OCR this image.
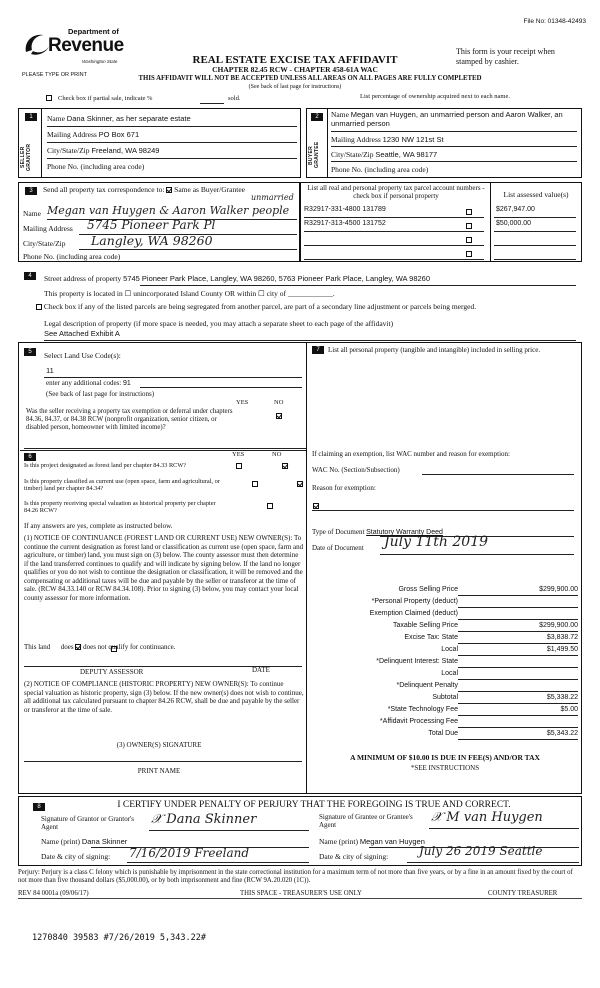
File No: 01348-42493
Department of
Revenue
Washington State
PLEASE TYPE OR PRINT
REAL ESTATE EXCISE TAX AFFIDAVIT
CHAPTER 82.45 RCW - CHAPTER 458-61A WAC
THIS AFFIDAVIT WILL NOT BE ACCEPTED UNLESS ALL AREAS ON ALL PAGES ARE FULLY COMPLETED
(See back of last page for instructions)
This form is your receipt when stamped by cashier.
Check box if partial sale, indicate %	sold.	List percentage of ownership acquired next to each name.
1
SELLER GRANTOR
Name Dana Skinner, as her separate estate
Mailing Address PO Box 671
City/State/Zip Freeland, WA 98249
Phone No. (including area code)
2
BUYER GRANTEE
Name Megan van Huygen, an unmarried person and Aaron Walker, an unmarried person
Mailing Address 1230 NW 121st St
City/State/Zip Seattle, WA 98177
Phone No. (including area code)
3	Send all property tax correspondence to: Same as Buyer/Grantee
unmarried
Name Megan van Huygen & Aaron Walker people
Mailing Address 5745 Pioneer Park Pl
City/State/Zip Langley, WA 98260
Phone No. (including area code)
List all real and personal property tax parcel account numbers - check box if personal property	List assessed value(s)
R32917-331-4800 131789	$267,947.00
R32917-313-4500 131752	$50,000.00
4	Street address of property 5745 Pioneer Park Place, Langley, WA 98260, 5763 Pioneer Park Place, Langley, WA 98260
This property is located in ☐ unincorporated Island County OR within ☐ city of ____________.
Check box if any of the listed parcels are being segregated from another parcel, are part of a secondary line adjustment or parcels being merged.
Legal description of property (if more space is needed, you may attach a separate sheet to each page of the affidavit)
See Attached Exhibit A
5	Select Land Use Code(s):
11
enter any additional codes: 91
(See back of last page for instructions)
YES	NO
Was the seller receiving a property tax exemption or deferral under chapters 84.36, 84.37, or 84.38 RCW (nonprofit organization, senior citizen, or disabled person, homeowner with limited income)?
6	YES	NO
Is this project designated as forest land per chapter 84.33 RCW?

Is this property classified as current use (open space, farm and agricultural, or timber) land per chapter 84.34?

Is this property receiving special valuation as historical property per chapter 84.26 RCW?

If any answers are yes, complete as instructed below.
(1) NOTICE OF CONTINUANCE (FOREST LAND OR CURRENT USE) NEW OWNER(S): To continue the current designation as forest land or classification as current use (open space, farm and agriculture, or timber) land, you must sign on (3) below. The county assessor must then determine if the land transferred continues to qualify and will indicate by signing below. If the land no longer qualifies or you do not wish to continue the designation or classification, it will be removed and the compensating or additional taxes will be due and payable by the seller or transferor at the time of sale. (RCW 84.33.140 or RCW 84.34.108). Prior to signing (3) below, you may contact your local county assessor for more information.
This land does does not qualify for continuance.
DEPUTY ASSESSOR	DATE
(2) NOTICE OF COMPLIANCE (HISTORIC PROPERTY) NEW OWNER(S): To continue special valuation as historic property, sign (3) below. If the new owner(s) does not wish to continue, all additional tax calculated pursuant to chapter 84.26 RCW, shall be due and payable by the seller or transferor at the time of sale.
(3) OWNER(S) SIGNATURE
PRINT NAME
7	List all personal property (tangible and intangible) included in selling price.
If claiming an exemption, list WAC number and reason for exemption:
WAC No. (Section/Subsection)
Reason for exemption:
Type of Document Statutory Warranty Deed
Date of Document July 11th 2019
Gross Selling Price	$299,900.00
*Personal Property (deduct)
Exemption Claimed (deduct)
Taxable Selling Price	$299,900.00
Excise Tax: State	$3,838.72
Local	$1,499.50
*Delinquent Interest: State
Local
*Delinquent Penalty
Subtotal	$5,338.22
*State Technology Fee	$5.00
*Affidavit Processing Fee
Total Due	$5,343.22
A MINIMUM OF $10.00 IS DUE IN FEE(S) AND/OR TAX
*SEE INSTRUCTIONS
8	I CERTIFY UNDER PENALTY OF PERJURY THAT THE FOREGOING IS TRUE AND CORRECT.
Signature of Grantor or Grantor's Agent
𝒳 Dana Skinner	Signature of Grantee or Grantee's Agent
𝒳 M van Huygen
Name (print) Dana Skinner	Name (print) Megan van Huygen
Date & city of signing: 7/16/2019 Freeland	Date & city of signing:	July 26 2019 Seattle
Perjury: Perjury is a class C felony which is punishable by imprisonment in the state correctional institution for a maximum term of not more than five years, or by a fine in an amount fixed by the court of not more than five thousand dollars ($5,000.00), or by both imprisonment and fine (RCW 9A.20.020 (1C)).
REV 84 0001a (09/06/17)	THIS SPACE - TREASURER'S USE ONLY	COUNTY TREASURER
1270840 39583 #7/26/2019 5,343.22#
